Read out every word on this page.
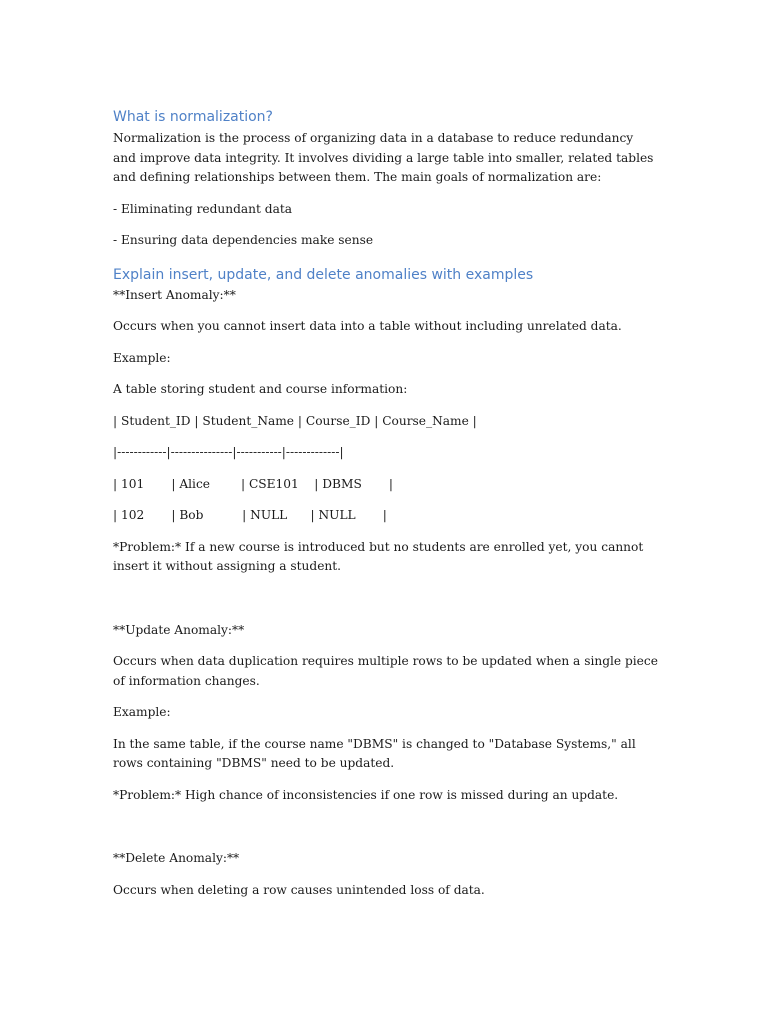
What is normalization?

Normalization is the process of organizing data in a database to reduce redundancy and improve data integrity. It involves dividing a large table into smaller, related tables and defining relationships between them. The main goals of normalization are:

- Eliminating redundant data

- Ensuring data dependencies make sense

Explain insert, update, and delete anomalies with examples

**Insert Anomaly:**

Occurs when you cannot insert data into a table without including unrelated data.

Example:

A table storing student and course information:

| Student_ID | Student_Name | Course_ID | Course_Name |

|------------|---------------|-----------|-------------|

| 101       | Alice        | CSE101    | DBMS       |

| 102       | Bob          | NULL      | NULL       |

*Problem:* If a new course is introduced but no students are enrolled yet, you cannot insert it without assigning a student.

**Update Anomaly:**

Occurs when data duplication requires multiple rows to be updated when a single piece of information changes.

Example:

In the same table, if the course name "DBMS" is changed to "Database Systems," all rows containing "DBMS" need to be updated.

*Problem:* High chance of inconsistencies if one row is missed during an update.

**Delete Anomaly:**

Occurs when deleting a row causes unintended loss of data.
